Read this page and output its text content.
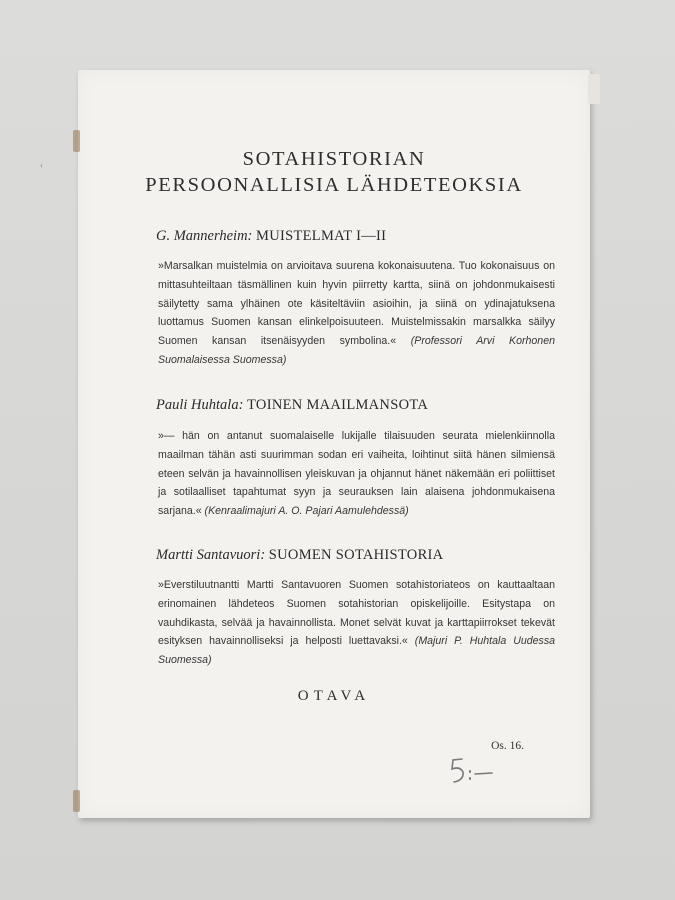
SOTAHISTORIAN
PERSOONALLISIA LÄHDETEOKSIA
G. Mannerheim: MUISTELMAT I—II
»Marsalkan muistelmia on arvioitava suurena kokonaisuutena. Tuo kokonaisuus on mittasuhteiltaan täsmällinen kuin hyvin piirretty kartta, siinä on johdonmukaisesti säilytetty sama ylhäinen ote käsiteltäviin asioihin, ja siinä on ydinajatuksena luottamus Suomen kansan elinkelpoisuuteen. Muistelmissakin marsalkka säilyy Suomen kansan itsenäisyyden symbolina.« (Professori Arvi Korhonen Suomalaisessa Suomessa)
Pauli Huhtala: TOINEN MAAILMANSOTA
»— hän on antanut suomalaiselle lukijalle tilaisuuden seurata mielenkiinnolla maailman tähän asti suurimman sodan eri vaiheita, loihtinut siitä hänen silmiensä eteen selvän ja havainnollisen yleiskuvan ja ohjannut hänet näkemään eri poliittiset ja sotilaalliset tapahtumat syyn ja seurauksen lain alaisena johdonmukaisena sarjana.« (Kenraalimajuri A. O. Pajari Aamulehdessä)
Martti Santavuori: SUOMEN SOTAHISTORIA
»Everstiluutnantti Martti Santavuoren Suomen sotahistoriateos on kauttaaltaan erinomainen lähdeteos Suomen sotahistorian opiskelijoille. Esitystapa on vauhdikasta, selvää ja havainnollista. Monet selvät kuvat ja karttapiirrokset tekevät esityksen havainnolliseksi ja helposti luettavaksi.« (Majuri P. Huhtala Uudessa Suomessa)
OTAVA
Os. 16.
‹
